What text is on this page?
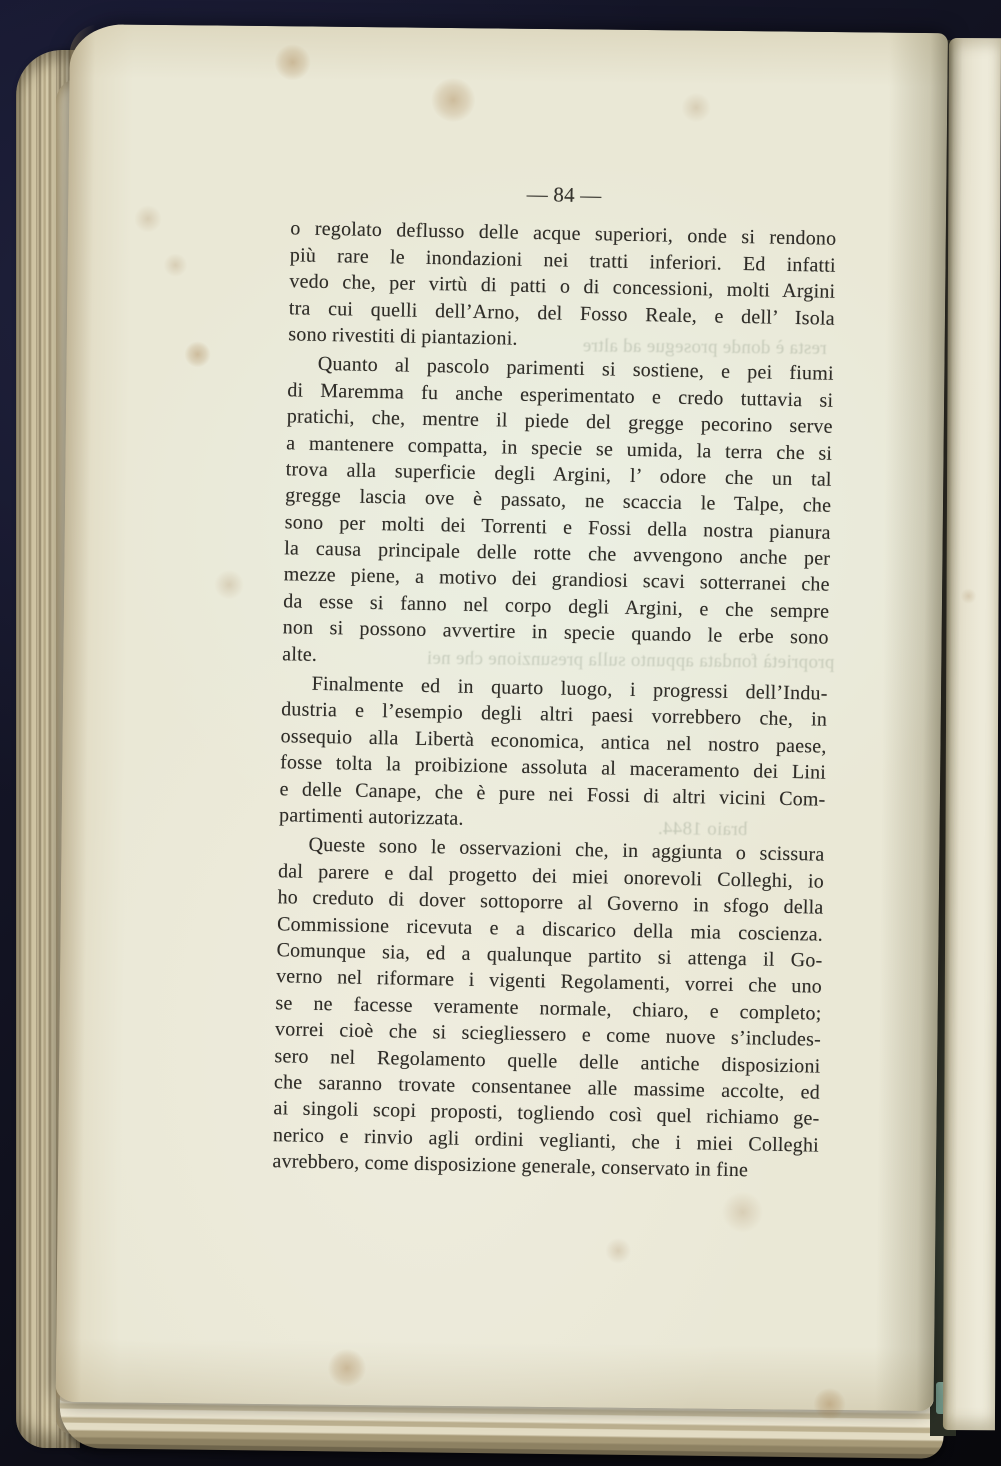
resta è donde prosegue ad altre
proprietà fondata appunto sulla presunzione che nei
braio 1844.
— 84 —
o regolato deflusso delle acque superiori, onde si rendono
più rare le inondazioni nei tratti inferiori. Ed infatti
vedo che, per virtù di patti o di concessioni, molti Argini
tra cui quelli dell’Arno, del Fosso Reale, e dell’ Isola
sono rivestiti di piantazioni.
Quanto al pascolo parimenti si sostiene, e pei fiumi
di Maremma fu anche esperimentato e credo tuttavia si
pratichi, che, mentre il piede del gregge pecorino serve
a mantenere compatta, in specie se umida, la terra che si
trova alla superficie degli Argini, l’ odore che un tal
gregge lascia ove è passato, ne scaccia le Talpe, che
sono per molti dei Torrenti e Fossi della nostra pianura
la causa principale delle rotte che avvengono anche per
mezze piene, a motivo dei grandiosi scavi sotterranei che
da esse si fanno nel corpo degli Argini, e che sempre
non si possono avvertire in specie quando le erbe sono
alte.
Finalmente ed in quarto luogo, i progressi dell’Indu-
dustria e l’esempio degli altri paesi vorrebbero che, in
ossequio alla Libertà economica, antica nel nostro paese,
fosse tolta la proibizione assoluta al maceramento dei Lini
e delle Canape, che è pure nei Fossi di altri vicini Com-
partimenti autorizzata.
Queste sono le osservazioni che, in aggiunta o scissura
dal parere e dal progetto dei miei onorevoli Colleghi, io
ho creduto di dover sottoporre al Governo in sfogo della
Commissione ricevuta e a discarico della mia coscienza.
Comunque sia, ed a qualunque partito si attenga il Go-
verno nel riformare i vigenti Regolamenti, vorrei che uno
se ne facesse veramente normale, chiaro, e completo;
vorrei cioè che si sciegliessero e come nuove s’includes-
sero nel Regolamento quelle delle antiche disposizioni
che saranno trovate consentanee alle massime accolte, ed
ai singoli scopi proposti, togliendo così quel richiamo ge-
nerico e rinvio agli ordini veglianti, che i miei Colleghi
avrebbero, come disposizione generale, conservato in fine
